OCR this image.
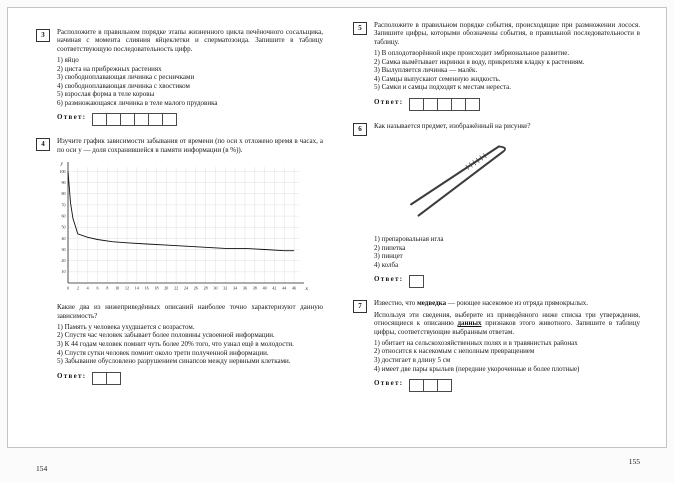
3	Расположите в правильном порядке этапы жизненного цикла печёночного сосальщика, начиная с момента слияния яйцеклетки и сперматозоида. Запишите в таблицу соответствующую последовательность цифр.

1) яйцо
2) циста на прибрежных растениях
3) свободноплавающая личинка с ресничками
4) свободноплавающая личинка с хвостиком
5) взрослая форма в теле коровы
6) размножающаяся личинка в теле малого прудовика
Ответ:
4	Изучите график зависимости забывания от времени (по оси x отложено время в часах, а по оси y — доля сохранившейся в памяти информации (в %)).

0 2 4 6 8 10 12 14 16 18 20 22 24 26 28 30 32 34 36 38 40 42 44 46
10
20
30
40
50
60
70
80
90
100
x
y

Какие два из нижеприведённых описаний наиболее точно характеризуют данную зависимость?

1) Память у человека ухудшается с возрастом.
2) Спустя час человек забывает более половины усвоенной информации.
3) К 44 годам человек помнит чуть более 20% того, что узнал ещё в молодости.
4) Спустя сутки человек помнит около трети полученной информации.
5) Забывание обусловлено разрушением синапсов между нервными клетками.
Ответ:
154
5	Расположите в правильном порядке события, происходящие при размножении лосося. Запишите цифры, которыми обозначены события, в правильной последовательности в таблицу.

1) В оплодотворённой икре происходит эмбриональное развитие.
2) Самка вымётывает икринки в воду, прикрепляя кладку к растениям.
3) Вылупляется личинка — малёк.
4) Самцы выпускают семенную жидкость.
5) Самки и самцы подходят к местам нереста.
Ответ:
6	Как называется предмет, изображённый на рисунке?

1) препаровальная игла
2) пипетка
3) пинцет
4) колба
Ответ:
7	Известно, что медведка — роющее насекомое из отряда прямокрылых.

Используя эти сведения, выберите из приведённого ниже списка три утверждения, относящиеся к описанию данных признаков этого животного. Запишите в таблицу цифры, соответствующие выбранным ответам.

1) обитает на сельскохозяйственных полях и в травянистых районах
2) относится к насекомым с неполным превращением
3) достигает в длину 5 см
4) имеет две пары крыльев (передние укороченные и более плотные)
Ответ:
155
